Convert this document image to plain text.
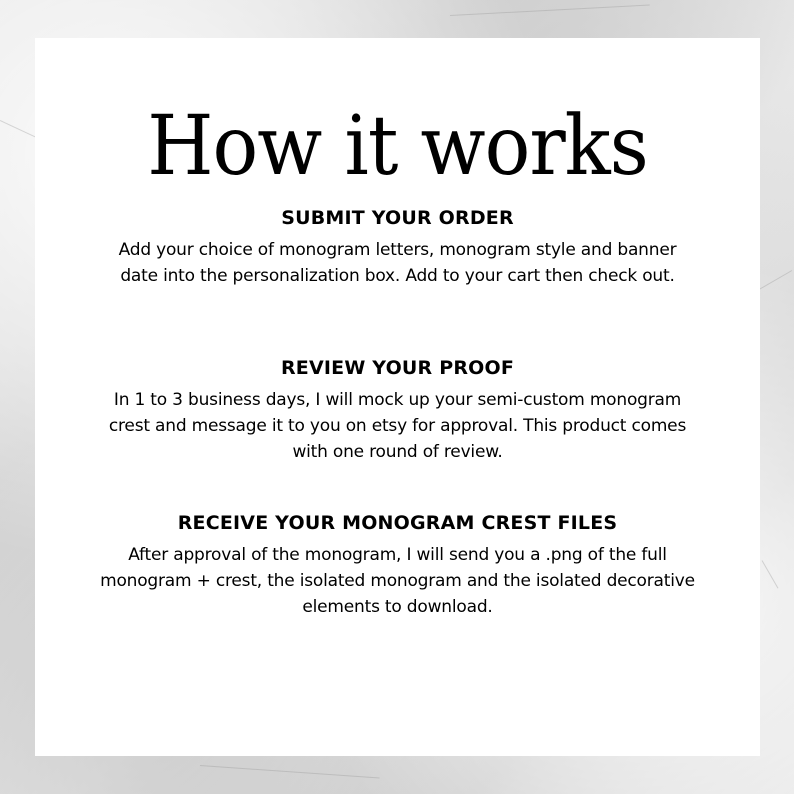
How it works
SUBMIT YOUR ORDER

Add your choice of monogram letters, monogram style and banner date into the personalization box. Add to your cart then check out.

REVIEW YOUR PROOF

In 1 to 3 business days, I will mock up your semi-custom monogram crest and message it to you on etsy for approval. This product comes with one round of review.

RECEIVE YOUR MONOGRAM CREST FILES

After approval of the monogram, I will send you a .png of the full monogram + crest, the isolated monogram and the isolated decorative elements to download.
